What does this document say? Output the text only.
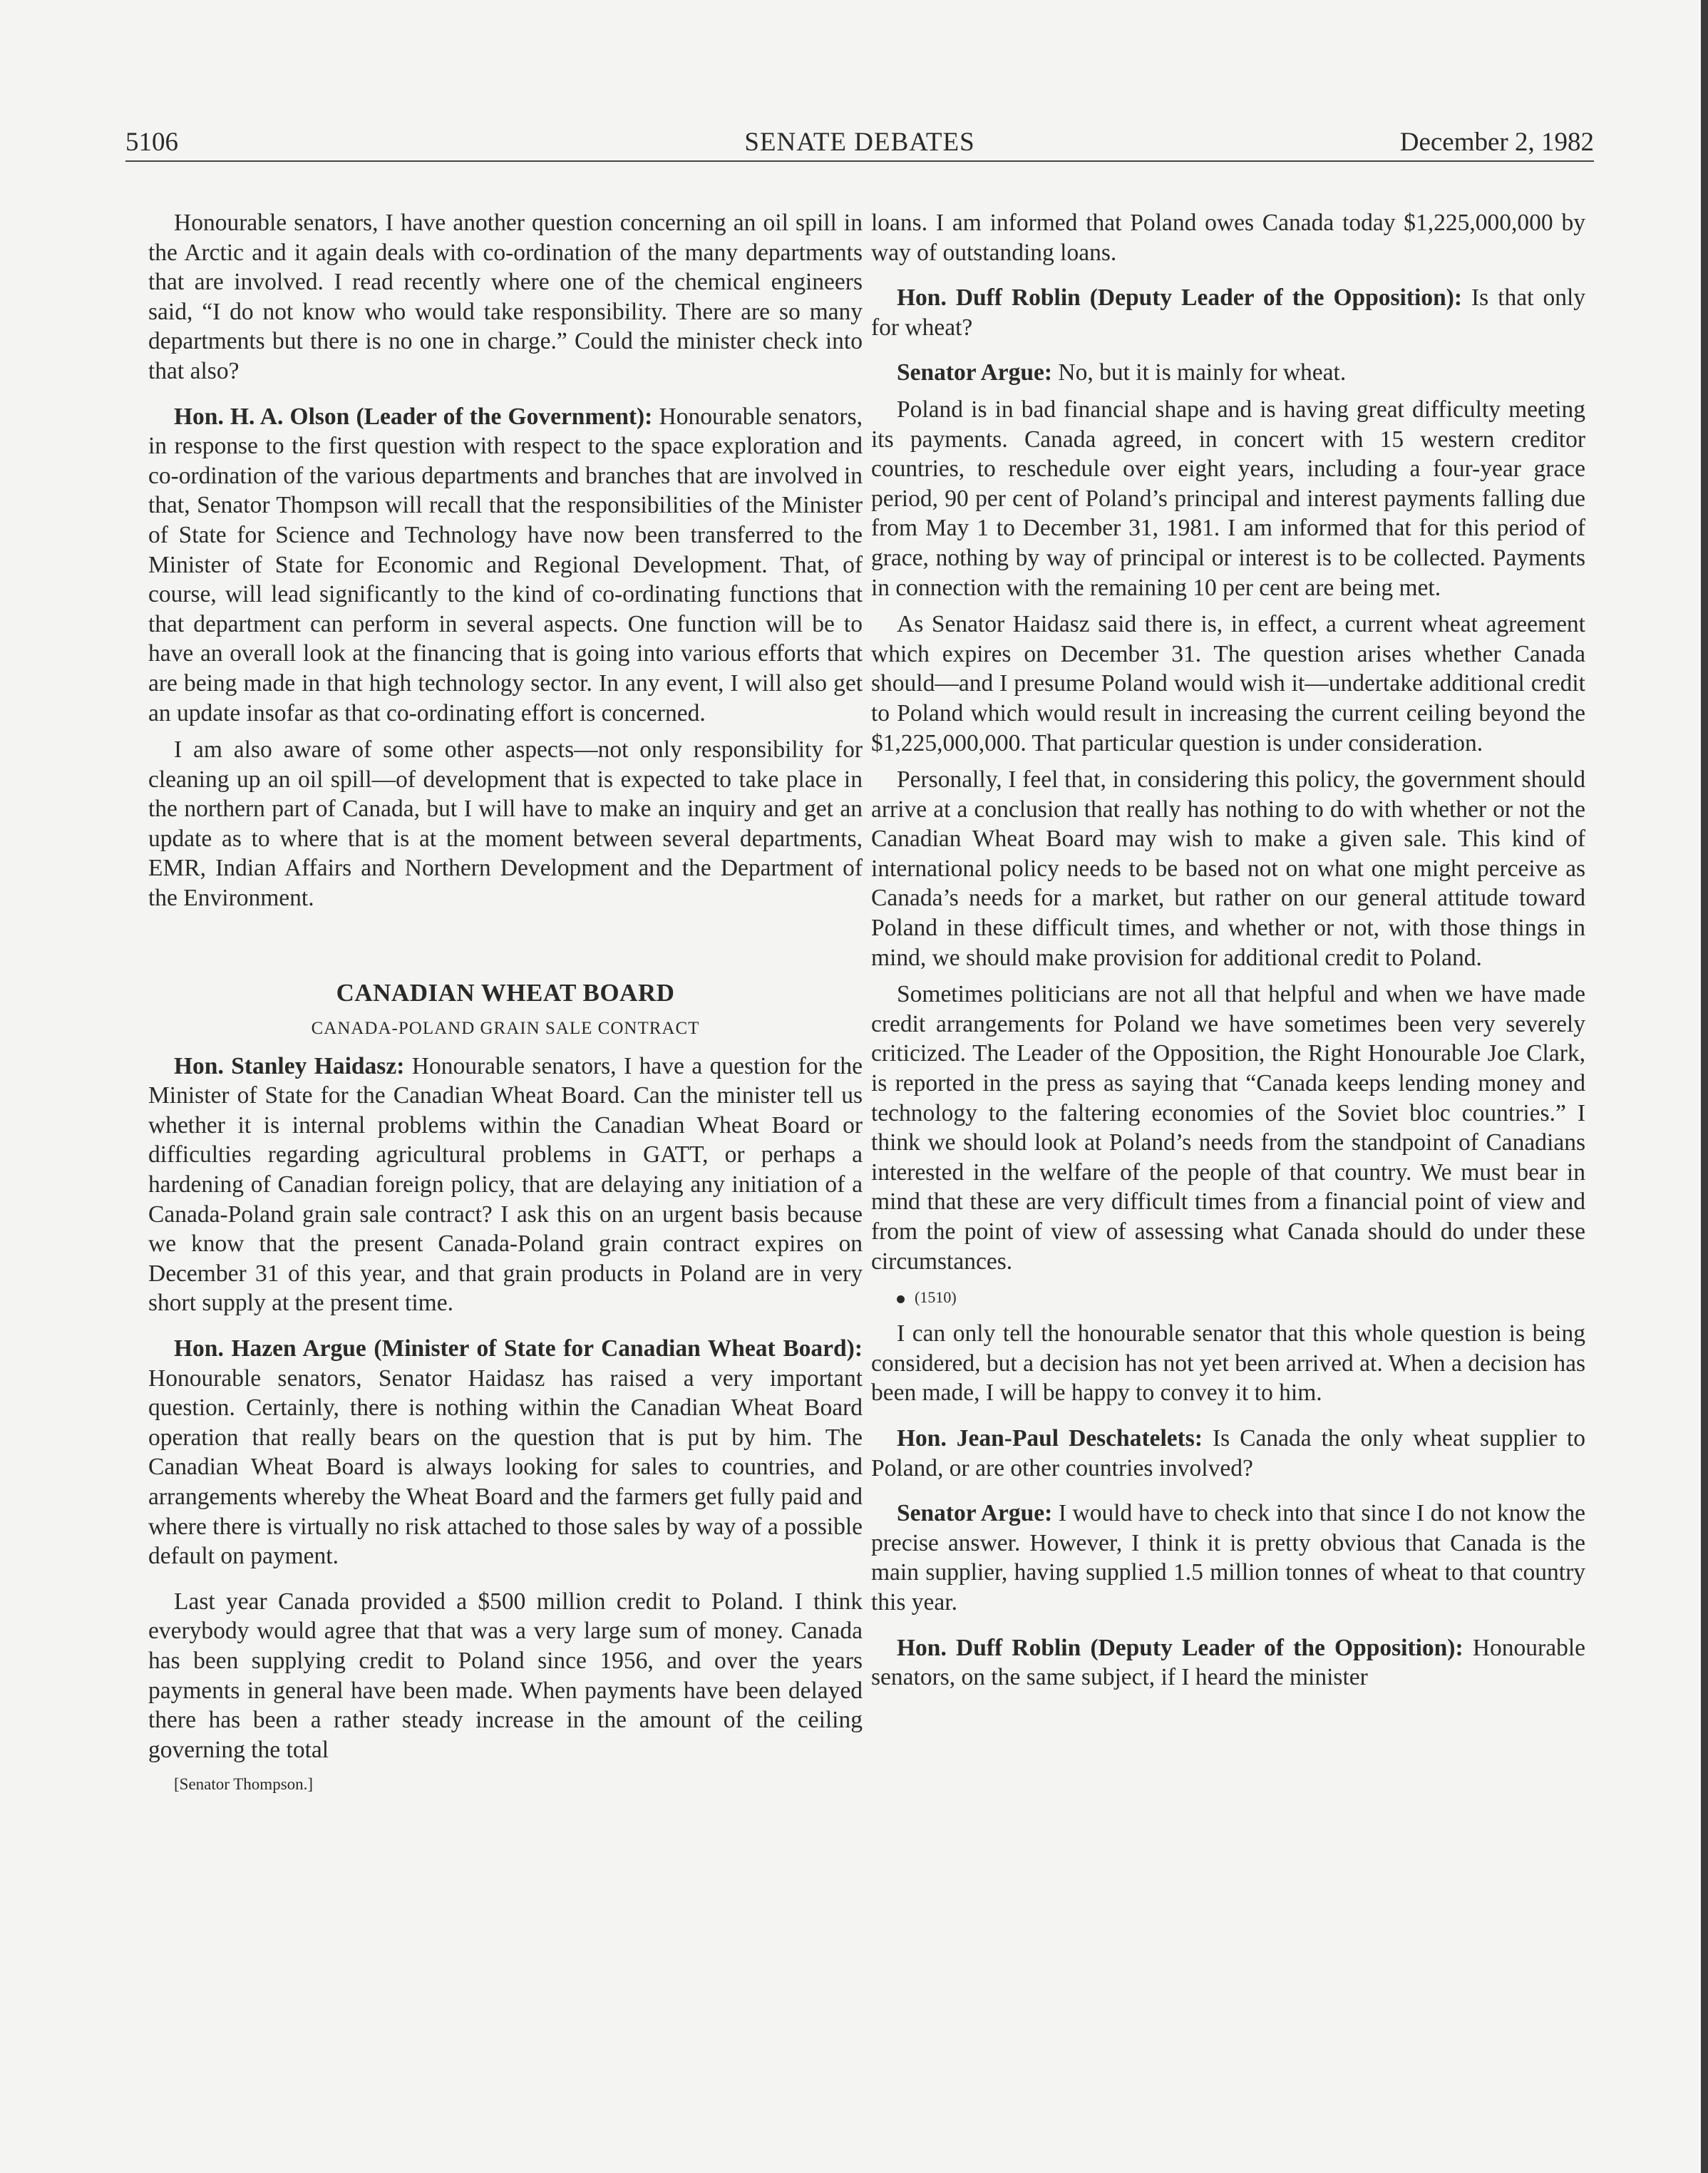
5106	SENATE DEBATES	December 2, 1982

Honourable senators, I have another question concerning an oil spill in the Arctic and it again deals with co-ordination of the many departments that are involved. I read recently where one of the chemical engineers said, “I do not know who would take responsibility. There are so many departments but there is no one in charge.” Could the minister check into that also?

Hon. H. A. Olson (Leader of the Government): Honourable senators, in response to the first question with respect to the space exploration and co-ordination of the various departments and branches that are involved in that, Senator Thompson will recall that the responsibilities of the Minister of State for Science and Technology have now been transferred to the Minister of State for Economic and Regional Development. That, of course, will lead significantly to the kind of co-ordinating functions that that department can perform in several aspects. One function will be to have an overall look at the financing that is going into various efforts that are being made in that high technology sector. In any event, I will also get an update insofar as that co-ordinating effort is concerned.

I am also aware of some other aspects—not only responsibility for cleaning up an oil spill—of development that is expected to take place in the northern part of Canada, but I will have to make an inquiry and get an update as to where that is at the moment between several departments, EMR, Indian Affairs and Northern Development and the Department of the Environment.

CANADIAN WHEAT BOARD
CANADA-POLAND GRAIN SALE CONTRACT

Hon. Stanley Haidasz: Honourable senators, I have a question for the Minister of State for the Canadian Wheat Board. Can the minister tell us whether it is internal problems within the Canadian Wheat Board or difficulties regarding agricultural problems in GATT, or perhaps a hardening of Canadian foreign policy, that are delaying any initiation of a Canada-Poland grain sale contract? I ask this on an urgent basis because we know that the present Canada-Poland grain contract expires on December 31 of this year, and that grain products in Poland are in very short supply at the present time.

Hon. Hazen Argue (Minister of State for Canadian Wheat Board): Honourable senators, Senator Haidasz has raised a very important question. Certainly, there is nothing within the Canadian Wheat Board operation that really bears on the question that is put by him. The Canadian Wheat Board is always looking for sales to countries, and arrangements whereby the Wheat Board and the farmers get fully paid and where there is virtually no risk attached to those sales by way of a possible default on payment.

Last year Canada provided a $500 million credit to Poland. I think everybody would agree that that was a very large sum of money. Canada has been supplying credit to Poland since 1956, and over the years payments in general have been made. When payments have been delayed there has been a rather steady increase in the amount of the ceiling governing the total

[Senator Thompson.]

loans. I am informed that Poland owes Canada today $1,225,000,000 by way of outstanding loans.

Hon. Duff Roblin (Deputy Leader of the Opposition): Is that only for wheat?

Senator Argue: No, but it is mainly for wheat.

Poland is in bad financial shape and is having great difficulty meeting its payments. Canada agreed, in concert with 15 western creditor countries, to reschedule over eight years, including a four-year grace period, 90 per cent of Poland’s principal and interest payments falling due from May 1 to December 31, 1981. I am informed that for this period of grace, nothing by way of principal or interest is to be collected. Payments in connection with the remaining 10 per cent are being met.

As Senator Haidasz said there is, in effect, a current wheat agreement which expires on December 31. The question arises whether Canada should—and I presume Poland would wish it—undertake additional credit to Poland which would result in increasing the current ceiling beyond the $1,225,000,000. That particular question is under consideration.

Personally, I feel that, in considering this policy, the government should arrive at a conclusion that really has nothing to do with whether or not the Canadian Wheat Board may wish to make a given sale. This kind of international policy needs to be based not on what one might perceive as Canada’s needs for a market, but rather on our general attitude toward Poland in these difficult times, and whether or not, with those things in mind, we should make provision for additional credit to Poland.

Sometimes politicians are not all that helpful and when we have made credit arrangements for Poland we have sometimes been very severely criticized. The Leader of the Opposition, the Right Honourable Joe Clark, is reported in the press as saying that “Canada keeps lending money and technology to the faltering economies of the Soviet bloc countries.” I think we should look at Poland’s needs from the standpoint of Canadians interested in the welfare of the people of that country. We must bear in mind that these are very difficult times from a financial point of view and from the point of view of assessing what Canada should do under these circumstances.

(1510)

I can only tell the honourable senator that this whole question is being considered, but a decision has not yet been arrived at. When a decision has been made, I will be happy to convey it to him.

Hon. Jean-Paul Deschatelets: Is Canada the only wheat supplier to Poland, or are other countries involved?

Senator Argue: I would have to check into that since I do not know the precise answer. However, I think it is pretty obvious that Canada is the main supplier, having supplied 1.5 million tonnes of wheat to that country this year.

Hon. Duff Roblin (Deputy Leader of the Opposition): Honourable senators, on the same subject, if I heard the minister
